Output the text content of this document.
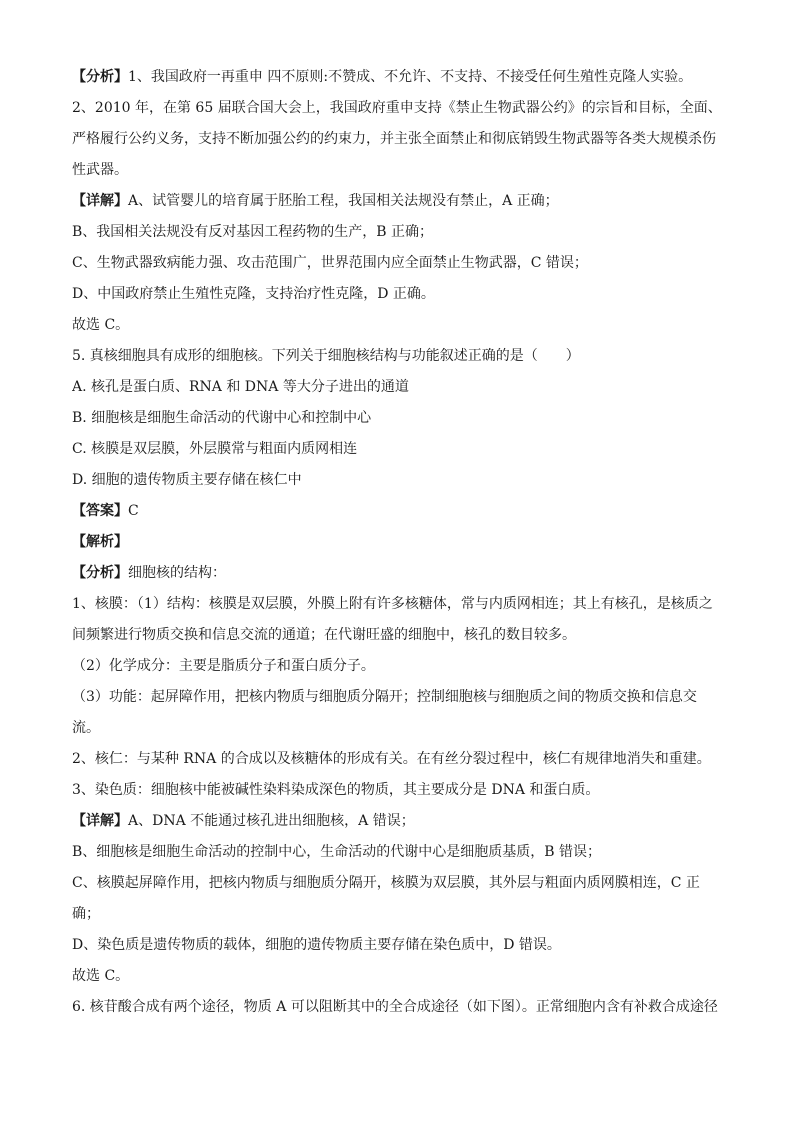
【分析】1、我国政府一再重申 四不原则:不赞成、不允许、不支持、不接受任何生殖性克隆人实验。
2、2010 年，在第 65 届联合国大会上，我国政府重申支持《禁止生物武器公约》的宗旨和目标，全面、
严格履行公约义务，支持不断加强公约的约束力，并主张全面禁止和彻底销毁生物武器等各类大规模杀伤
性武器。
【详解】A、试管婴儿的培育属于胚胎工程，我国相关法规没有禁止，A 正确；
B、我国相关法规没有反对基因工程药物的生产，B 正确；
C、生物武器致病能力强、攻击范围广，世界范围内应全面禁止生物武器，C 错误；
D、中国政府禁止生殖性克隆，支持治疗性克隆，D 正确。
故选 C。
5. 真核细胞具有成形的细胞核。下列关于细胞核结构与功能叙述正确的是（　　）
A. 核孔是蛋白质、RNA 和 DNA 等大分子进出的通道
B. 细胞核是细胞生命活动的代谢中心和控制中心
C. 核膜是双层膜，外层膜常与粗面内质网相连
D. 细胞的遗传物质主要存储在核仁中
【答案】C
【解析】
【分析】细胞核的结构：
1、核膜：（1）结构：核膜是双层膜，外膜上附有许多核糖体，常与内质网相连；其上有核孔，是核质之
间频繁进行物质交换和信息交流的通道；在代谢旺盛的细胞中，核孔的数目较多。
（2）化学成分：主要是脂质分子和蛋白质分子。
（3）功能：起屏障作用，把核内物质与细胞质分隔开；控制细胞核与细胞质之间的物质交换和信息交
流。
2、核仁：与某种 RNA 的合成以及核糖体的形成有关。在有丝分裂过程中，核仁有规律地消失和重建。
3、染色质：细胞核中能被碱性染料染成深色的物质，其主要成分是 DNA 和蛋白质。
【详解】A、DNA 不能通过核孔进出细胞核，A 错误；
B、细胞核是细胞生命活动的控制中心，生命活动的代谢中心是细胞质基质，B 错误；
C、核膜起屏障作用，把核内物质与细胞质分隔开，核膜为双层膜，其外层与粗面内质网膜相连，C 正
确；
D、染色质是遗传物质的载体，细胞的遗传物质主要存储在染色质中，D 错误。
故选 C。
6. 核苷酸合成有两个途径，物质 A 可以阻断其中的全合成途径（如下图）。正常细胞内含有补救合成途径
